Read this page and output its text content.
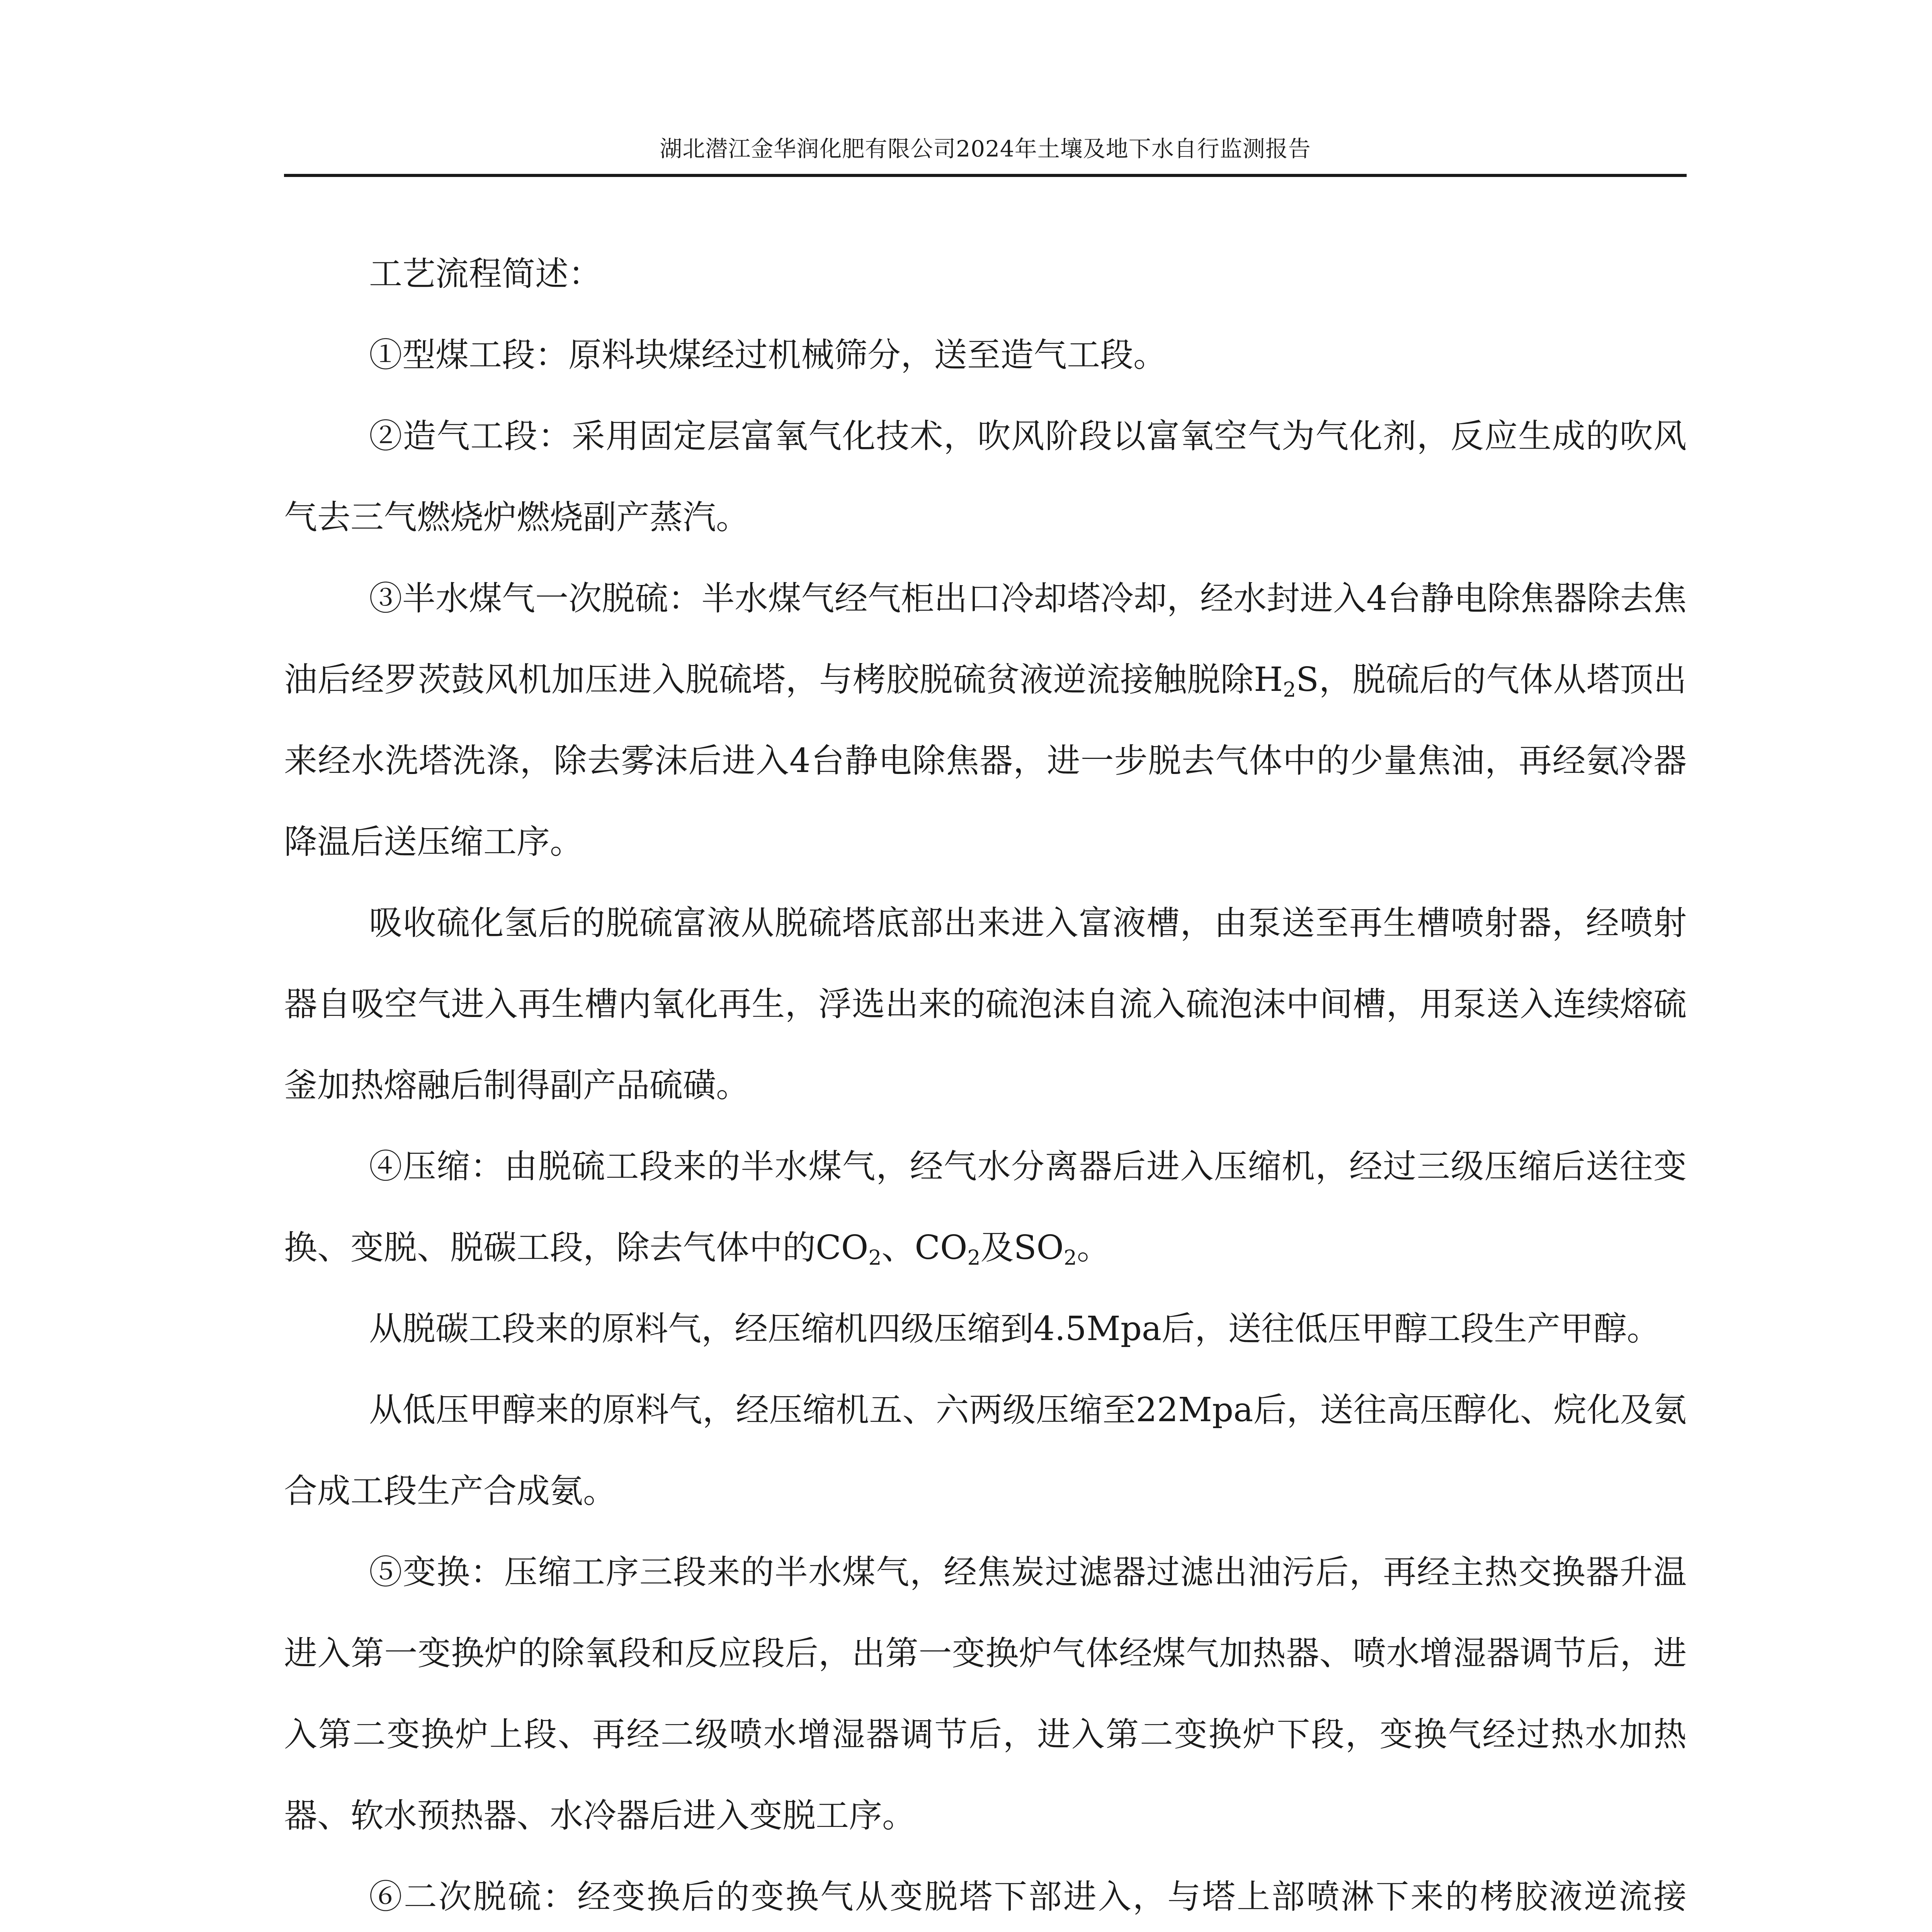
湖北潜江金华润化肥有限公司2024年土壤及地下水自行监测报告

工艺流程简述：

①型煤工段：原料块煤经过机械筛分，送至造气工段。

②造气工段：采用固定层富氧气化技术，吹风阶段以富氧空气为气化剂，反应生成的吹风气去三气燃烧炉燃烧副产蒸汽。

③半水煤气一次脱硫：半水煤气经气柜出口冷却塔冷却，经水封进入4台静电除焦器除去焦油后经罗茨鼓风机加压进入脱硫塔，与栲胶脱硫贫液逆流接触脱除$H_2S$，脱硫后的气体从塔顶出来经水洗塔洗涤，除去雾沫后进入4台静电除焦器，进一步脱去气体中的少量焦油，再经氨冷器降温后送压缩工序。

吸收硫化氢后的脱硫富液从脱硫塔底部出来进入富液槽，由泵送至再生槽喷射器，经喷射器自吸空气进入再生槽内氧化再生，浮选出来的硫泡沫自流入硫泡沫中间槽，用泵送入连续熔硫釜加热熔融后制得副产品硫磺。

④压缩：由脱硫工段来的半水煤气，经气水分离器后进入压缩机，经过三级压缩后送往变换、变脱、脱碳工段，除去气体中的$CO_2$、$CO_2$及$SO_2$。

从脱碳工段来的原料气，经压缩机四级压缩到4.5Mpa后，送往低压甲醇工段生产甲醇。

从低压甲醇来的原料气，经压缩机五、六两级压缩至22Mpa后，送往高压醇化、烷化及氨合成工段生产合成氨。

⑤变换：压缩工序三段来的半水煤气，经焦炭过滤器过滤出油污后，再经主热交换器升温进入第一变换炉的除氧段和反应段后，出第一变换炉气体经煤气加热器、喷水增湿器调节后，进入第二变换炉上段、再经二级喷水增湿器调节后，进入第二变换炉下段，变换气经过热水加热器、软水预热器、水冷器后进入变脱工序。

⑥二次脱硫：经变换后的变换气从变脱塔下部进入，与塔上部喷淋下来的栲胶液逆流接
